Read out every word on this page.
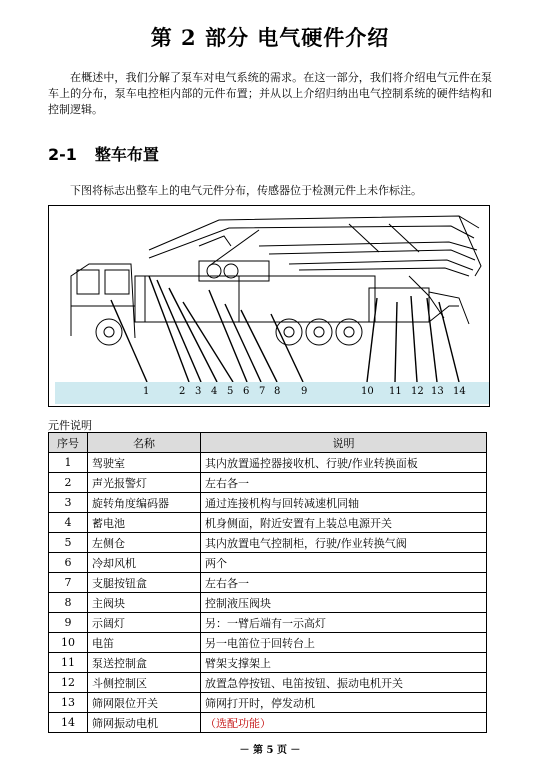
第 2 部分 电气硬件介绍
在概述中，我们分解了泵车对电气系统的需求。在这一部分，我们将介绍电气元件在泵车上的分布，泵车电控柜内部的元件布置；并从以上介绍归纳出电气控制系统的硬件结构和控制逻辑。
2-1 整车布置
下图将标志出整车上的电气元件分布，传感器位于检测元件上未作标注。
1	2 3 4 5 6 7 8 9	10 11 12 13 14
元件说明
序号	名称	说明
1	驾驶室	其内放置遥控器接收机、行驶/作业转换面板
2	声光报警灯	左右各一
3	旋转角度编码器	通过连接机构与回转减速机同轴
4	蓄电池	机身侧面，附近安置有上装总电源开关
5	左侧仓	其内放置电气控制柜，行驶/作业转换气阀
6	冷却风机	两个
7	支腿按钮盒	左右各一
8	主阀块	控制液压阀块
9	示阔灯	另：一臂后端有一示高灯
10	电笛	另一电笛位于回转台上
11	泵送控制盒	臂架支撑架上
12	斗侧控制区	放置急停按钮、电笛按钮、振动电机开关
13	筛网限位开关	筛网打开时，停发动机
14	筛网振动电机	（选配功能）
－ 第 5 页 －
